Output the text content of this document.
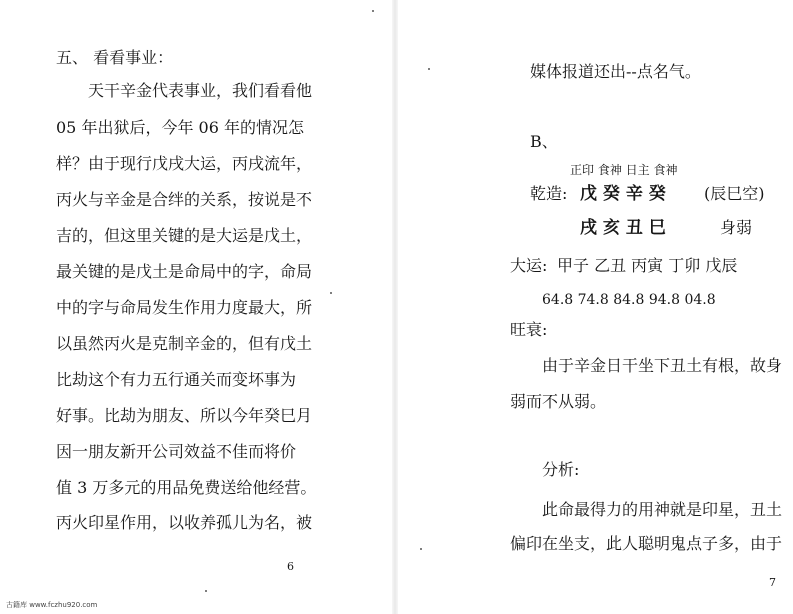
五、 看看事业：
天干辛金代表事业，我们看看他
05 年出狱后，今年 06 年的情况怎
样？由于现行戊戌大运，丙戌流年，
丙火与辛金是合绊的关系，按说是不
吉的，但这里关键的是大运是戊土，
最关键的是戊土是命局中的字，命局
中的字与命局发生作用力度最大，所
以虽然丙火是克制辛金的，但有戊土
比劫这个有力五行通关而变坏事为
好事。比劫为朋友、所以今年癸巳月
因一朋友新开公司效益不佳而将价
值 3 万多元的用品免费送给他经营。
丙火印星作用，以收养孤儿为名，被
6
媒体报道还出--点名气。
B、
正印 食神 日主 食神
乾造: 戊 癸 辛 癸 (辰巳空)
戌 亥 丑 巳	身弱
大运: 甲子 乙丑 丙寅 丁卯 戊辰
64.8 74.8 84.8 94.8 04.8
旺衰:
由于辛金日干坐下丑土有根，故身
弱而不从弱。
分析:
此命最得力的用神就是印星，丑土
偏印在坐支，此人聪明鬼点子多，由于
7
古籍库 www.fczhu920.com
